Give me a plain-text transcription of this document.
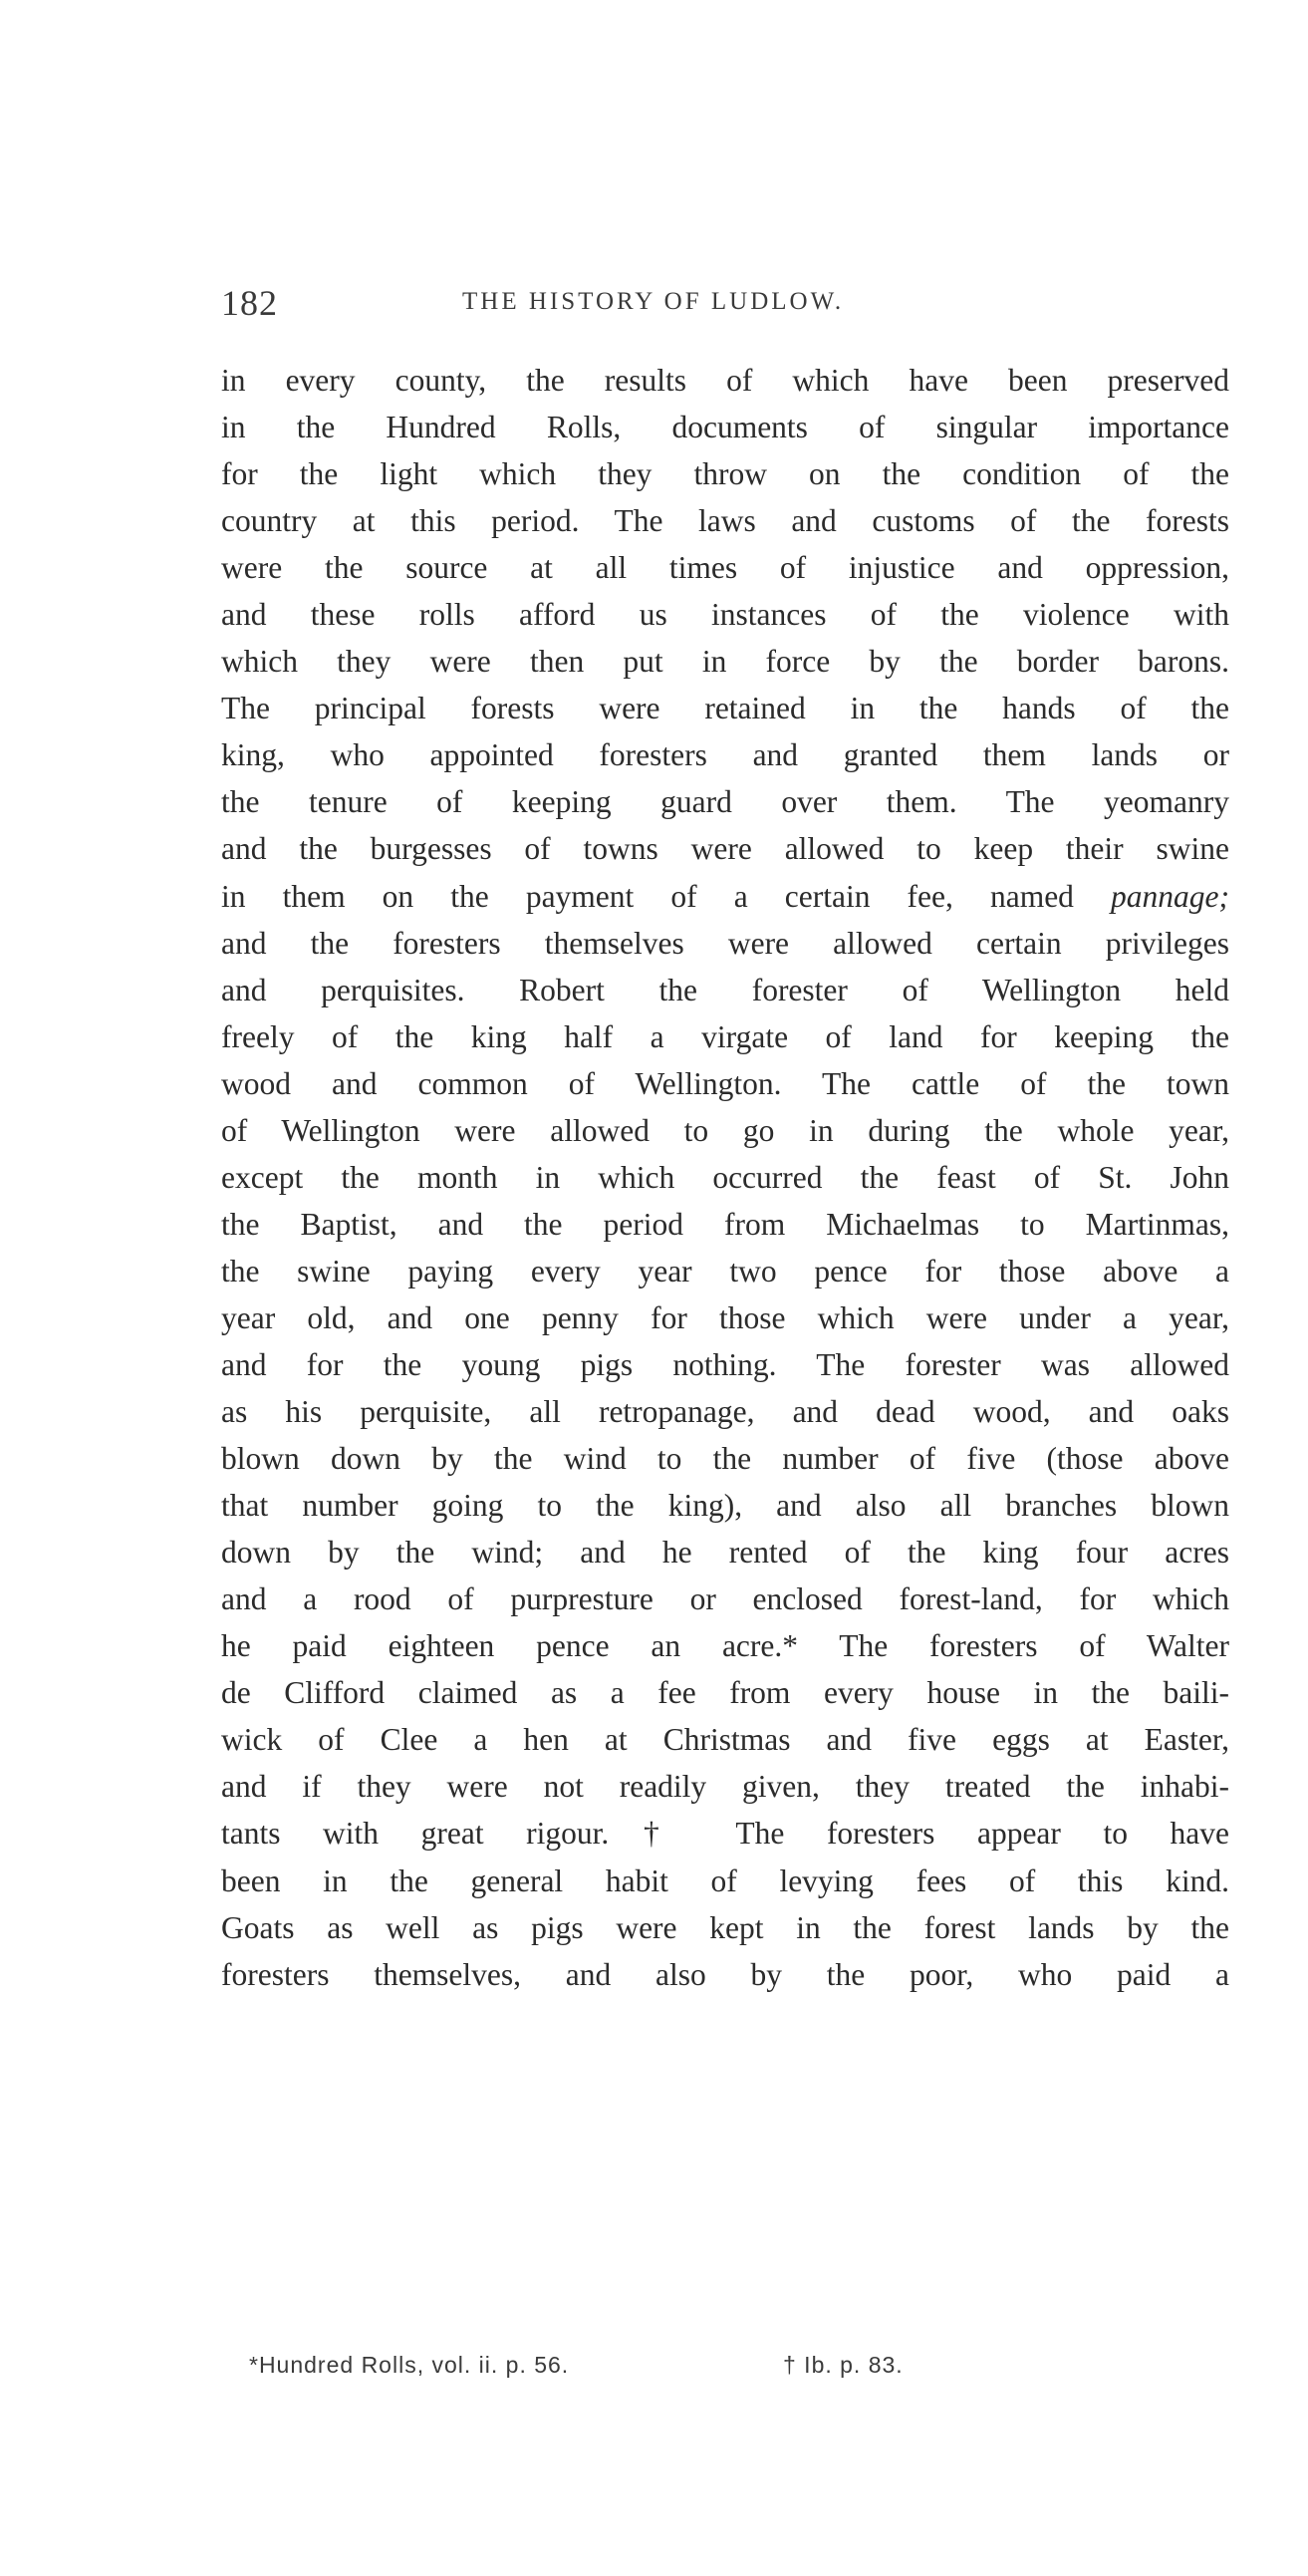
182	THE HISTORY OF LUDLOW.
in every county, the results of which have been preserved
in the Hundred Rolls, documents of singular importance
for the light which they throw on the condition of the
country at this period. The laws and customs of the forests
were the source at all times of injustice and oppression,
and these rolls afford us instances of the violence with
which they were then put in force by the border barons.
The principal forests were retained in the hands of the
king, who appointed foresters and granted them lands or
the tenure of keeping guard over them. The yeomanry
and the burgesses of towns were allowed to keep their swine
in them on the payment of a certain fee, named pannage;
and the foresters themselves were allowed certain privileges
and perquisites. Robert the forester of Wellington held
freely of the king half a virgate of land for keeping the
wood and common of Wellington. The cattle of the town
of Wellington were allowed to go in during the whole year,
except the month in which occurred the feast of St. John
the Baptist, and the period from Michaelmas to Martinmas,
the swine paying every year two pence for those above a
year old, and one penny for those which were under a year,
and for the young pigs nothing. The forester was allowed
as his perquisite, all retropanage, and dead wood, and oaks
blown down by the wind to the number of five (those above
that number going to the king), and also all branches blown
down by the wind; and he rented of the king four acres
and a rood of purpresture or enclosed forest-land, for which
he paid eighteen pence an acre.* The foresters of Walter
de Clifford claimed as a fee from every house in the baili-
wick of Clee a hen at Christmas and five eggs at Easter,
and if they were not readily given, they treated the inhabi-
tants with great rigour.† The foresters appear to have
been in the general habit of levying fees of this kind.
Goats as well as pigs were kept in the forest lands by the
foresters themselves, and also by the poor, who paid a
*Hundred Rolls, vol. ii. p. 56.	† Ib. p. 83.
